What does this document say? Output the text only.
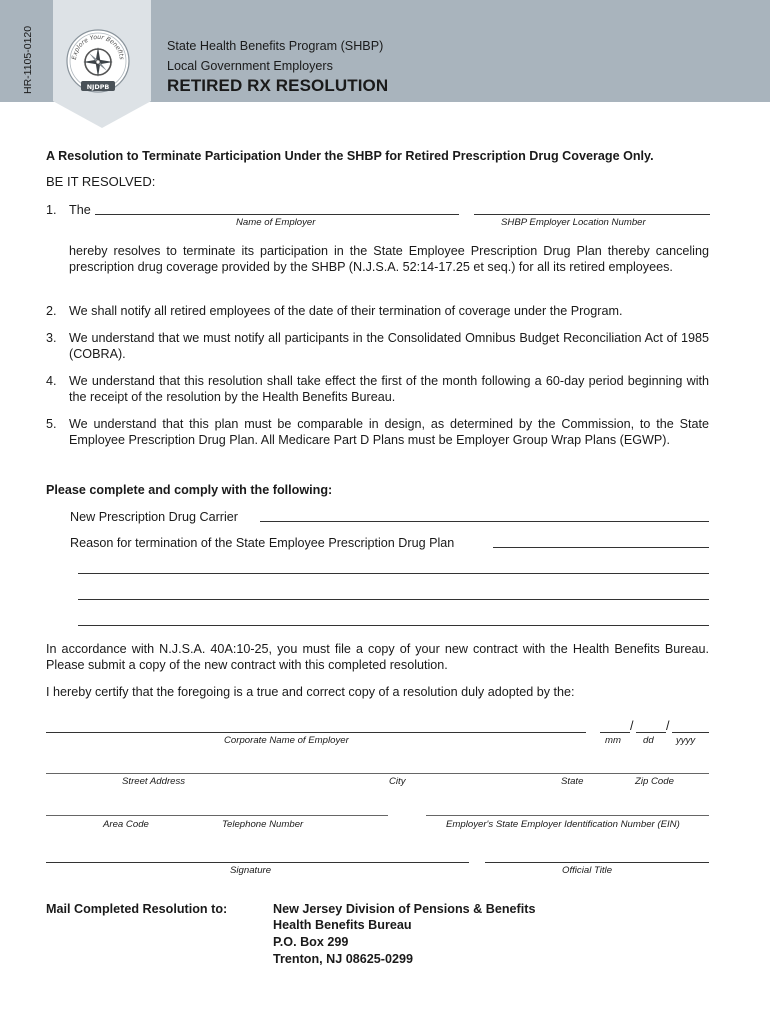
HR-1105-0120	Explore Your Benefits
NJDPB
State Health Benefits Program (SHBP)
Local Government Employers
RETIRED RX RESOLUTION
A Resolution to Terminate Participation Under the SHBP for Retired Prescription Drug Coverage Only.
BE IT RESOLVED:
1. The
Name of Employer	SHBP Employer Location Number
hereby resolves to terminate its participation in the State Employee Prescription Drug Plan thereby canceling prescription drug coverage provided by the SHBP (N.J.S.A. 52:14-17.25 et seq.) for all its retired employees.
2. We shall notify all retired employees of the date of their termination of coverage under the Program.
3. We understand that we must notify all participants in the Consolidated Omnibus Budget Reconciliation Act of 1985 (COBRA).
4. We understand that this resolution shall take effect the first of the month following a 60-day period beginning with the receipt of the resolution by the Health Benefits Bureau.
5. We understand that this plan must be comparable in design, as determined by the Commission, to the State Employee Prescription Drug Plan. All Medicare Part D Plans must be Employer Group Wrap Plans (EGWP).
Please complete and comply with the following:
New Prescription Drug Carrier
Reason for termination of the State Employee Prescription Drug Plan
In accordance with N.J.S.A. 40A:10-25, you must file a copy of your new contract with the Health Benefits Bureau. Please submit a copy of the new contract with this completed resolution.
I hereby certify that the foregoing is a true and correct copy of a resolution duly adopted by the:
/	/
Corporate Name of Employer	mm dd yyyy
Street Address	City	State	Zip Code
Area Code	Telephone Number	Employer's State Employer Identification Number (EIN)
Signature	Official Title
Mail Completed Resolution to:	New Jersey Division of Pensions & Benefits
Health Benefits Bureau
P.O. Box 299
Trenton, NJ 08625-0299
